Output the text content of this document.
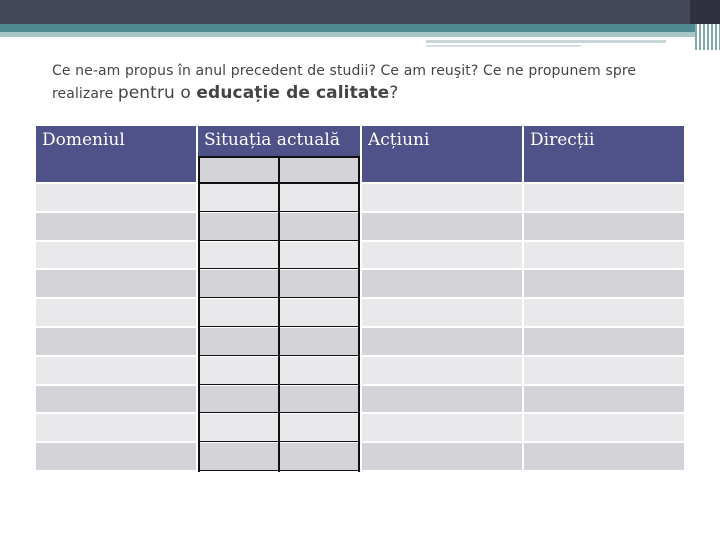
Ce ne-am propus în anul precedent de studii? Ce am reuşit? Ce ne propunem spre
realizare pentru o educație de calitate?
Domeniul	Situația actuală	Acțiuni	Direcții
